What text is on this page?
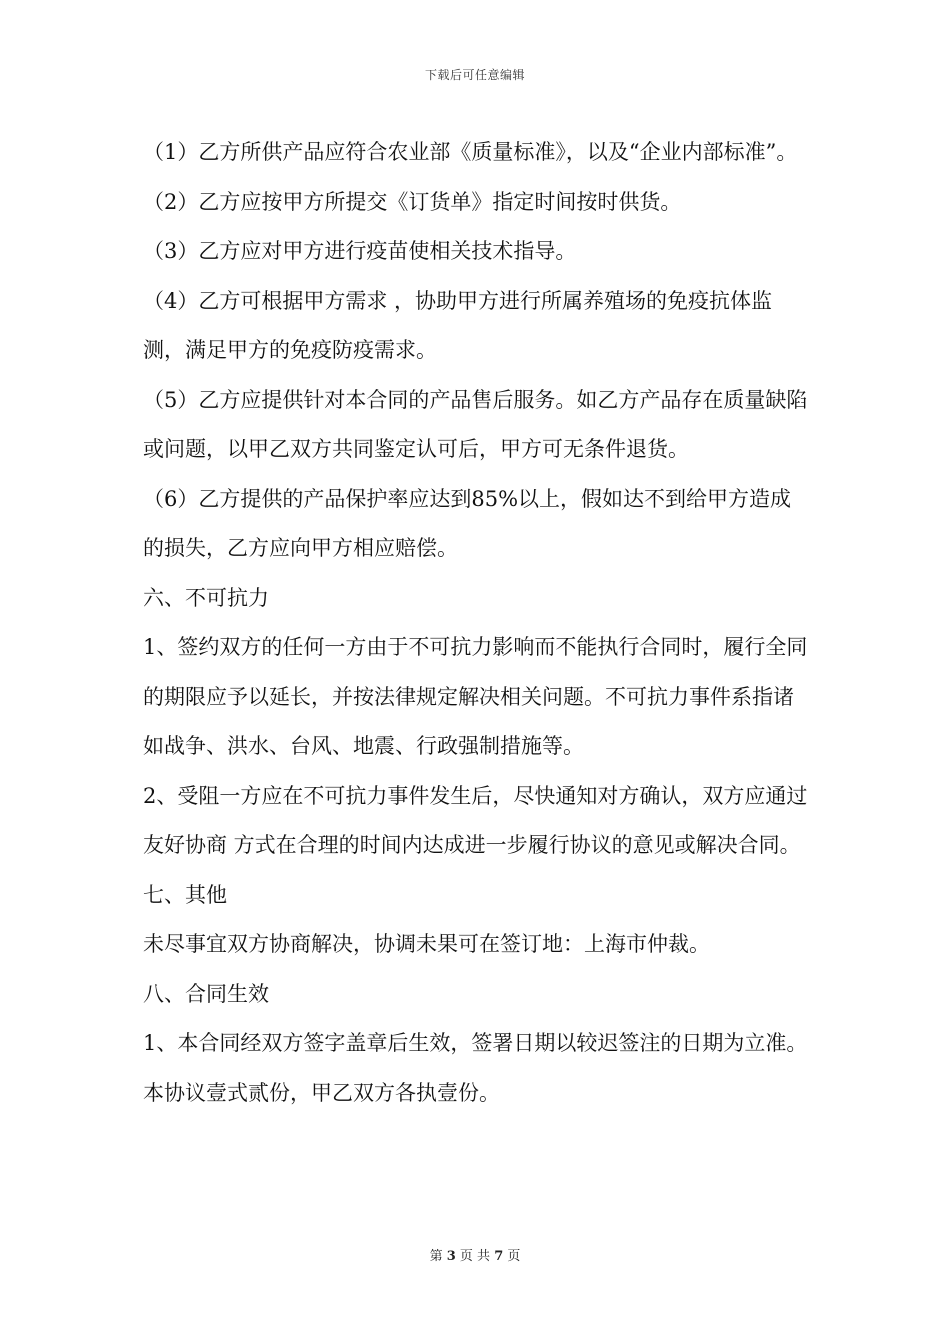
下载后可任意编辑

（1）乙方所供产品应符合农业部《质量标准》，以及“企业内部标准”。

（2）乙方应按甲方所提交《订货单》指定时间按时供货。

（3）乙方应对甲方进行疫苗使相关技术指导。

（4）乙方可根据甲方需求 ，协助甲方进行所属养殖场的免疫抗体监测，满足甲方的免疫防疫需求。

（5）乙方应提供针对本合同的产品售后服务。如乙方产品存在质量缺陷或问题，以甲乙双方共同鉴定认可后，甲方可无条件退货。

（6）乙方提供的产品保护率应达到85%以上，假如达不到给甲方造成的损失，乙方应向甲方相应赔偿。

六、不可抗力

1、签约双方的任何一方由于不可抗力影响而不能执行合同时，履行全同的期限应予以延长，并按法律规定解决相关问题。不可抗力事件系指诸如战争、洪水、台风、地震、行政强制措施等。

2、受阻一方应在不可抗力事件发生后，尽快通知对方确认，双方应通过友好协商 方式在合理的时间内达成进一步履行协议的意见或解决合同。

七、其他

未尽事宜双方协商解决，协调未果可在签订地：上海市仲裁。

八、合同生效

1、本合同经双方签字盖章后生效，签署日期以较迟签注的日期为立准。本协议壹式贰份，甲乙双方各执壹份。

第 3 页 共 7 页
